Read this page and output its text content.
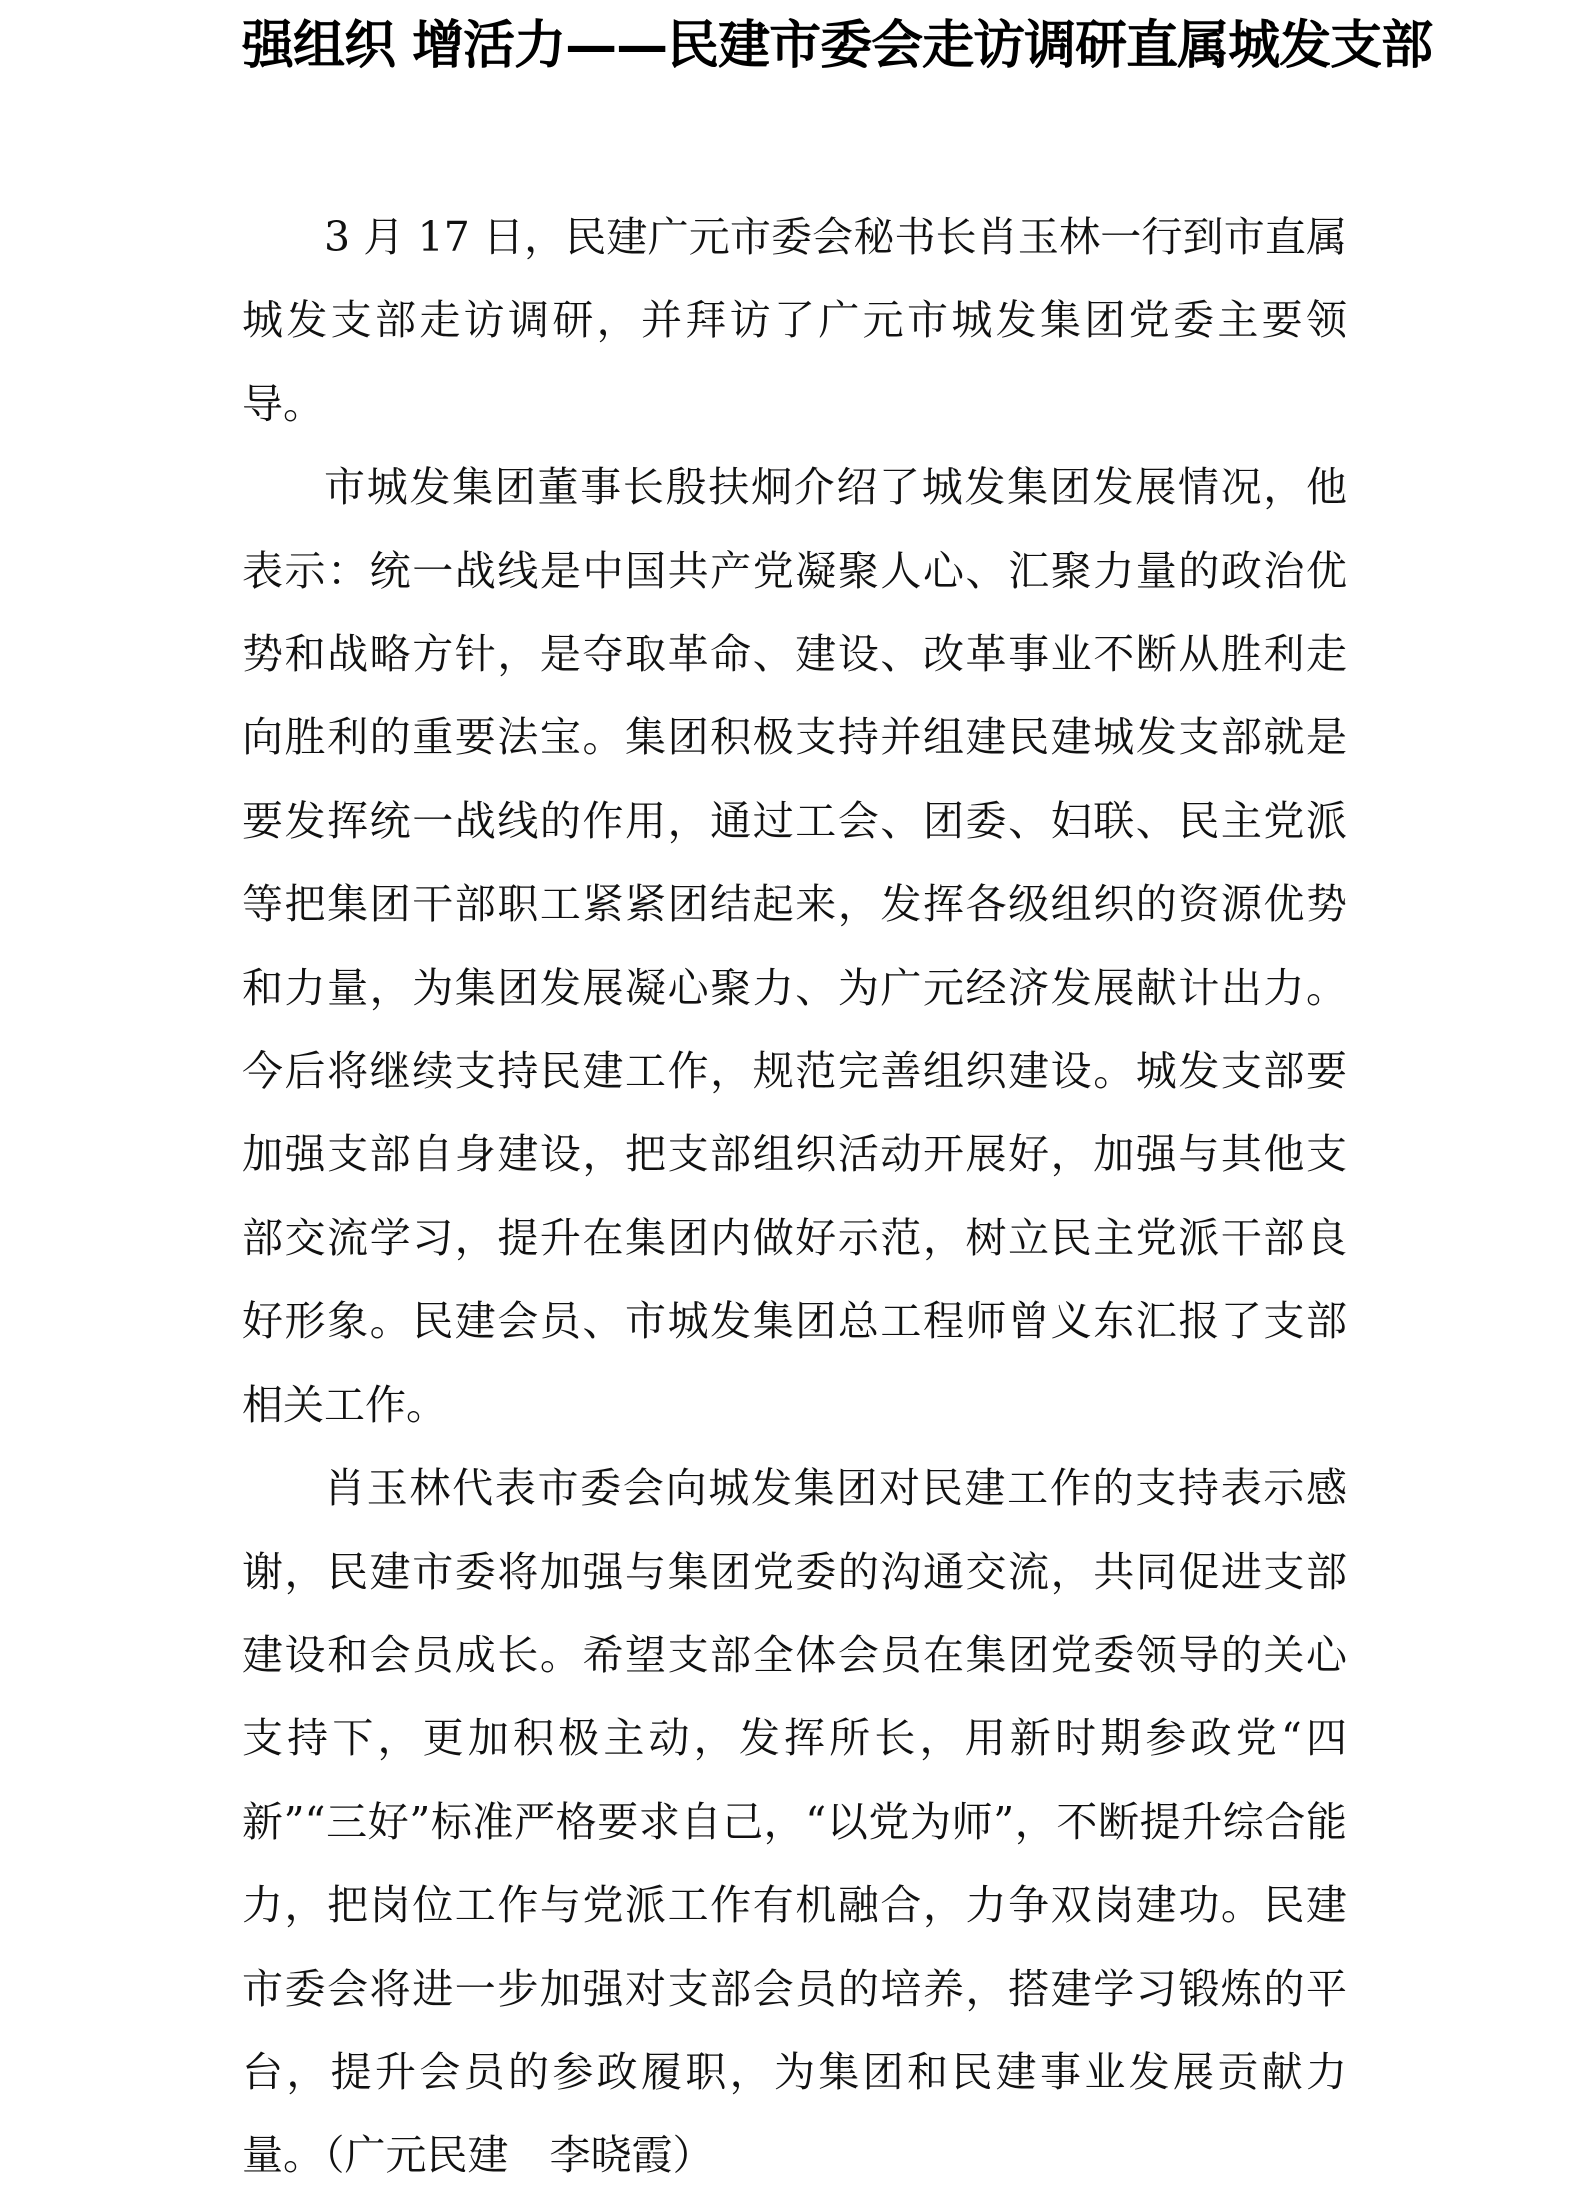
强组织 增活力——民建市委会走访调研直属城发支部

3 月 17 日，民建广元市委会秘书长肖玉林一行到市直属城发支部走访调研，并拜访了广元市城发集团党委主要领导。

市城发集团董事长殷扶炯介绍了城发集团发展情况，他表示：统一战线是中国共产党凝聚人心、汇聚力量的政治优势和战略方针，是夺取革命、建设、改革事业不断从胜利走向胜利的重要法宝。集团积极支持并组建民建城发支部就是要发挥统一战线的作用，通过工会、团委、妇联、民主党派等把集团干部职工紧紧团结起来，发挥各级组织的资源优势和力量，为集团发展凝心聚力、为广元经济发展献计出力。今后将继续支持民建工作，规范完善组织建设。城发支部要加强支部自身建设，把支部组织活动开展好，加强与其他支部交流学习，提升在集团内做好示范，树立民主党派干部良好形象。民建会员、市城发集团总工程师曾义东汇报了支部相关工作。

肖玉林代表市委会向城发集团对民建工作的支持表示感谢，民建市委将加强与集团党委的沟通交流，共同促进支部建设和会员成长。希望支部全体会员在集团党委领导的关心支持下，更加积极主动，发挥所长，用新时期参政党“四新”“三好”标准严格要求自己，“以党为师”，不断提升综合能力，把岗位工作与党派工作有机融合，力争双岗建功。民建市委会将进一步加强对支部会员的培养，搭建学习锻炼的平台，提升会员的参政履职，为集团和民建事业发展贡献力量。（广元民建　李晓霞）
